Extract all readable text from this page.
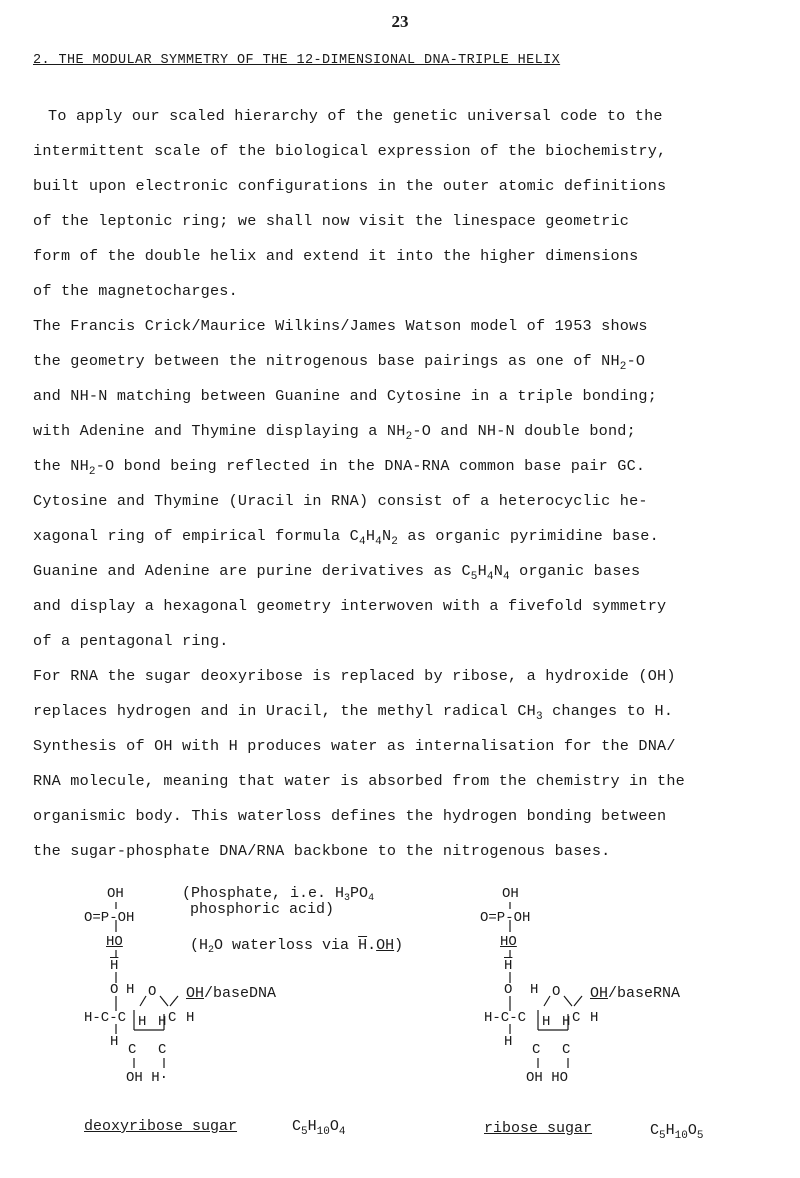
23
2. THE MODULAR SYMMETRY OF THE 12-DIMENSIONAL DNA-TRIPLE HELIX
To apply our scaled hierarchy of the genetic universal code to the
intermittent scale of the biological expression of the biochemistry,
built upon electronic configurations in the outer atomic definitions
of the leptonic ring; we shall now visit the linespace geometric
form of the double helix and extend it into the higher dimensions
of the magnetocharges.
The Francis Crick/Maurice Wilkins/James Watson model of 1953 shows
the geometry between the nitrogenous base pairings as one of $NH_2-O$
and NH-N matching between Guanine and Cytosine in a triple bonding;
with Adenine and Thymine displaying a $NH_2-O$ and NH-N double bond;
the $NH_2-O$ bond being reflected in the DNA-RNA common base pair GC.
Cytosine and Thymine (Uracil in RNA) consist of a heterocyclic he-
xagonal ring of empirical formula $C_4H_4N_2$ as organic pyrimidine base.
Guanine and Adenine are purine derivatives as $C_5H_4N_4$ organic bases
and display a hexagonal geometry interwoven with a fivefold symmetry
of a pentagonal ring.
For RNA the sugar deoxyribose is replaced by ribose, a hydroxide (OH)
replaces hydrogen and in Uracil, the methyl radical $CH_3$ changes to H.
Synthesis of OH with H produces water as internalisation for the DNA/
RNA molecule, meaning that water is absorbed from the chemistry in the
organismic body. This waterloss defines the hydrogen bonding between
the sugar-phosphate DNA/RNA backbone to the nitrogenous bases.
OH
O=P-OH
HO
$\overline{H}$
O H O OH/baseDNA
H-C-C H H C H
H C C
OH H·
(Phosphate, i.e. $H_3PO_4$
phosphoric acid)
($H_2O$ waterloss via $\overline{H}.OH$)
OH
O=P-OH
HO
$\overline{H}$
O H O OH/baseRNA
H-C-C H H C H
H C C
OH HO
deoxyribose sugar	$C_5H_{10}O_4$	ribose sugar	$C_5H_{10}O_5$
